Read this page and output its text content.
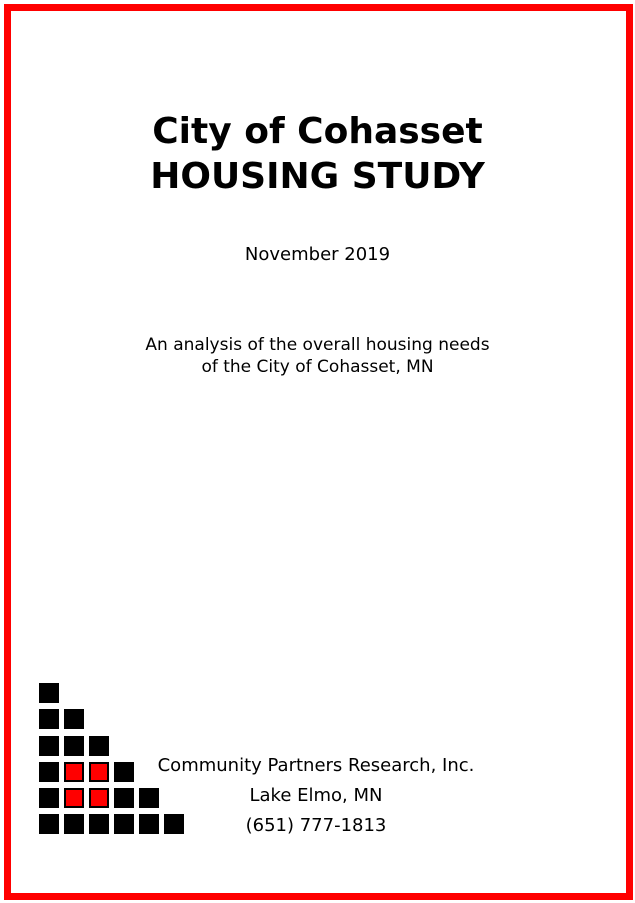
City of Cohasset
HOUSING STUDY
November 2019
An analysis of the overall housing needs
of the City of Cohasset, MN
Community Partners Research, Inc.
Lake Elmo, MN
(651) 777-1813
